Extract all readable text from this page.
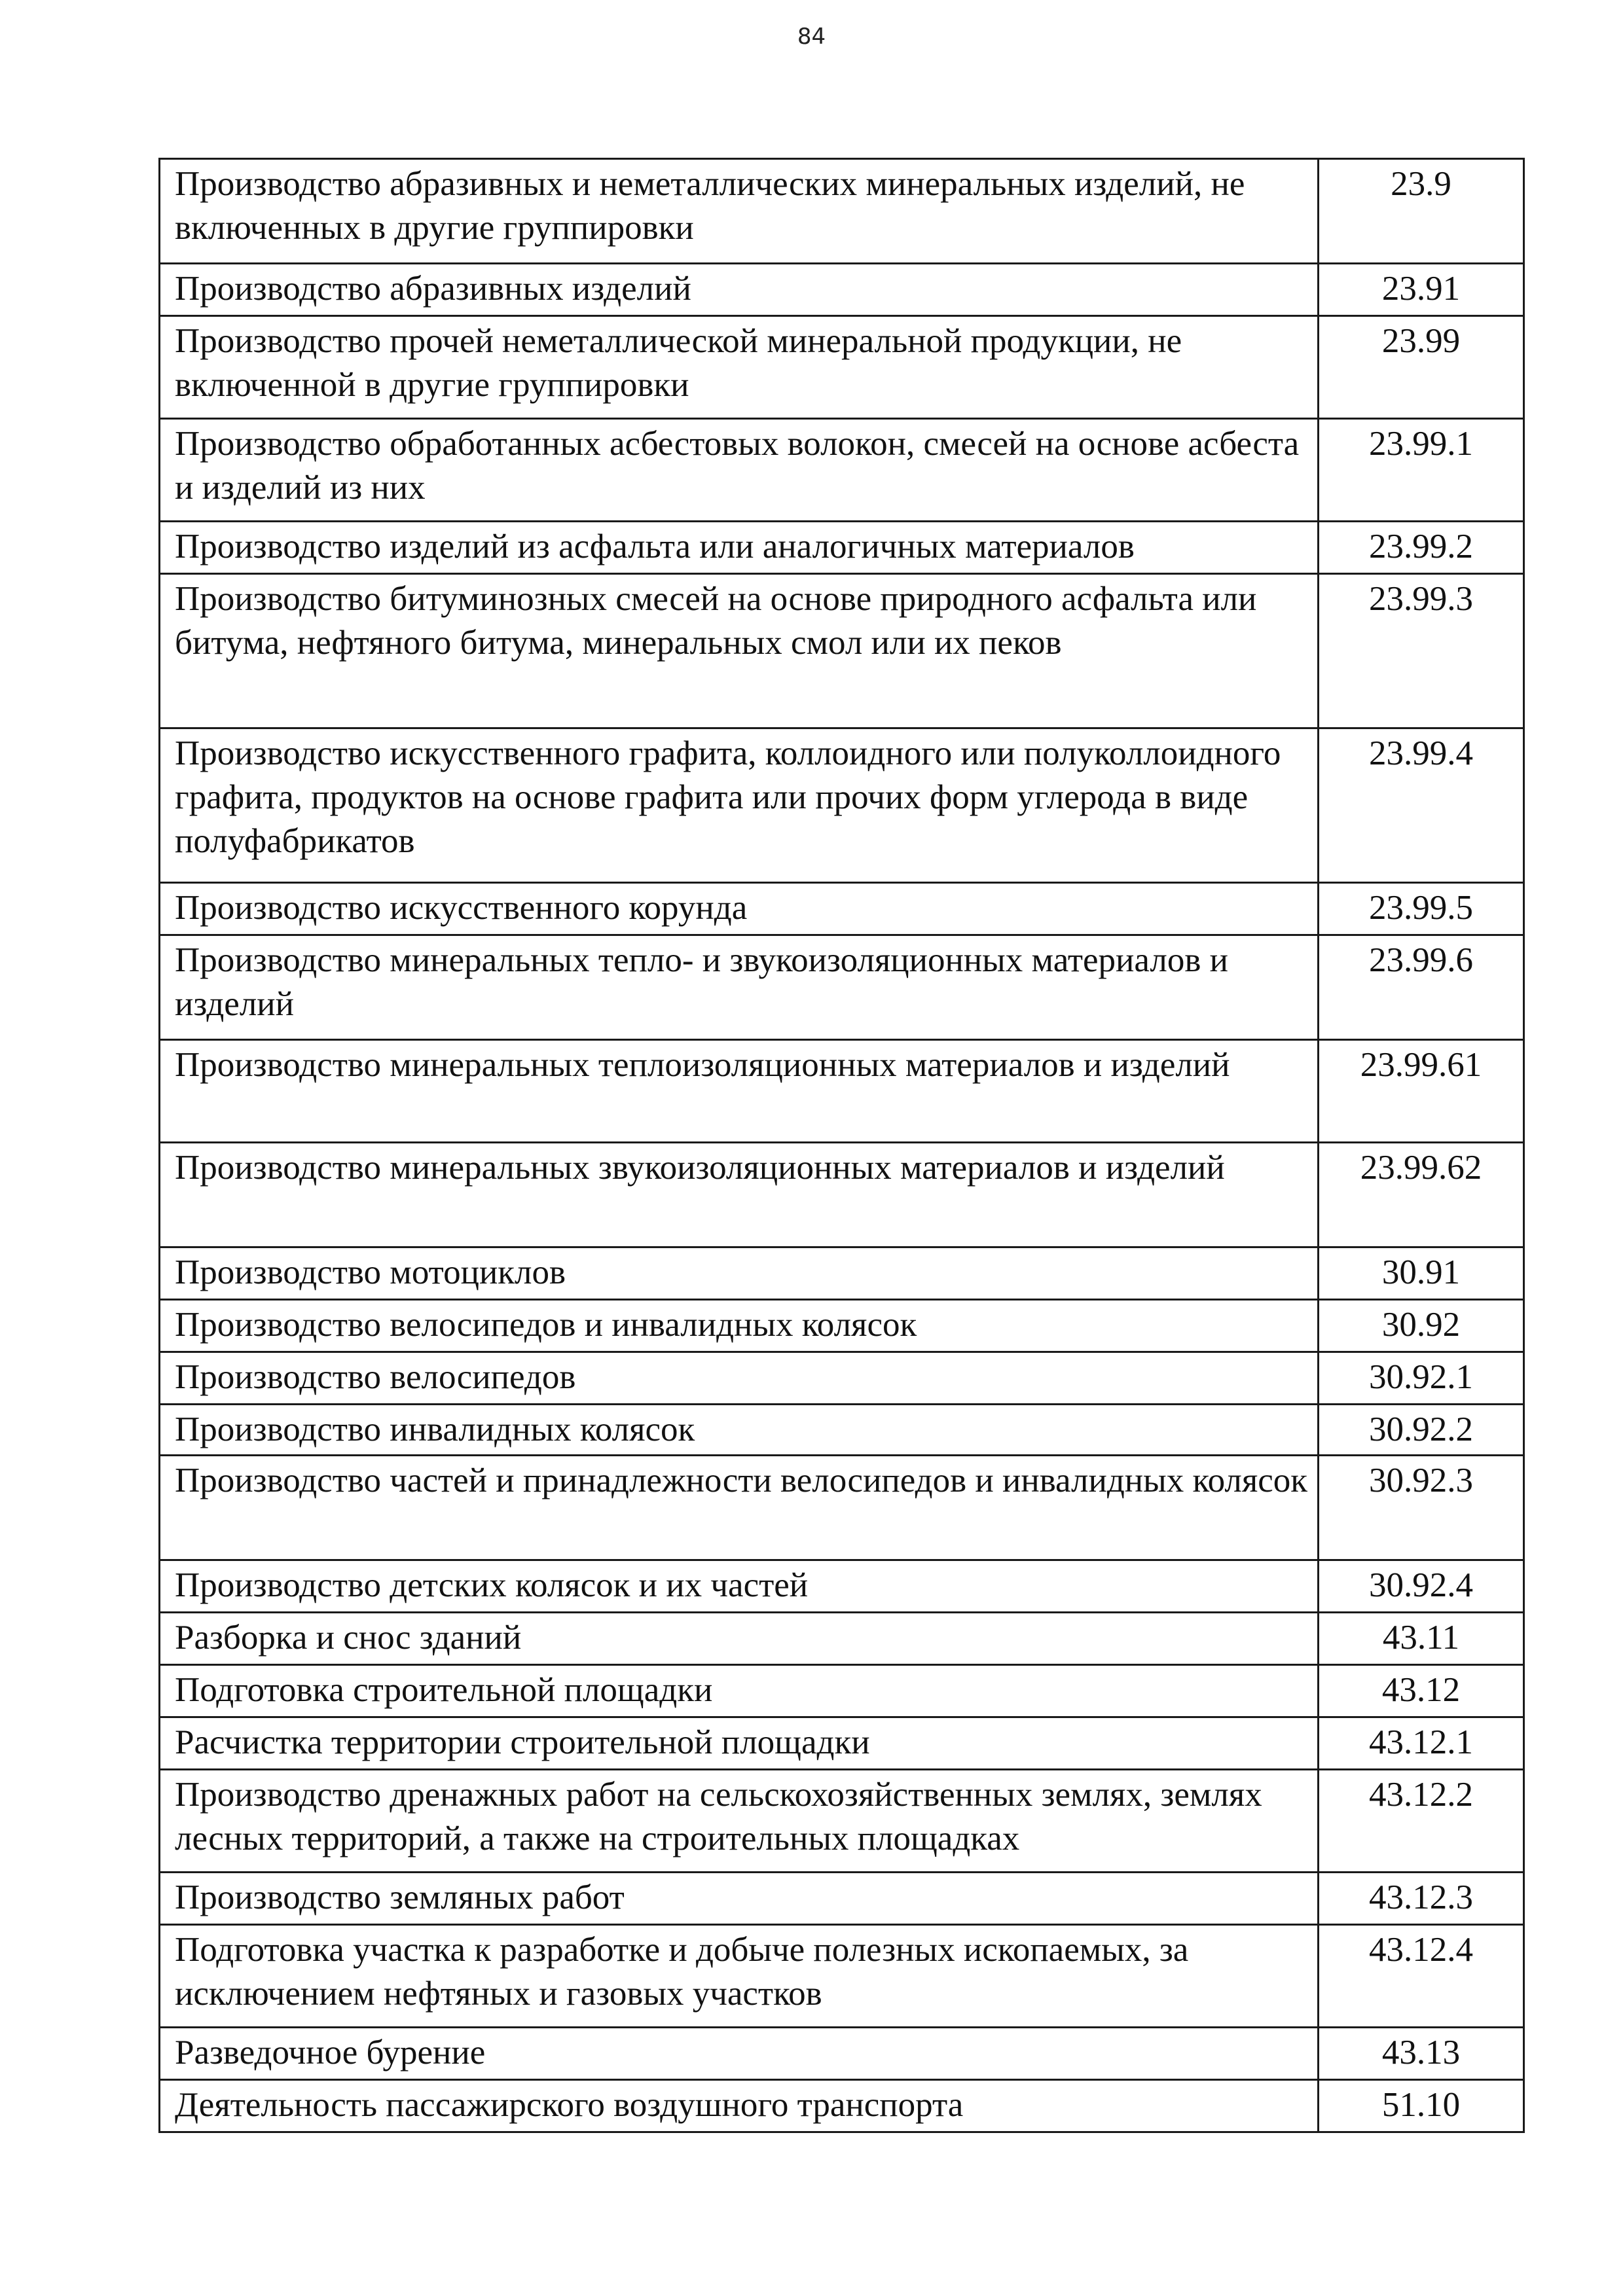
84
Производство абразивных и неметаллических минеральных изделий, не включенных в другие группировки	23.9
Производство абразивных изделий	23.91
Производство прочей неметаллической минеральной продукции, не включенной в другие группировки	23.99
Производство обработанных асбестовых волокон, смесей на основе асбеста и изделий из них	23.99.1
Производство изделий из асфальта или аналогичных материалов	23.99.2
Производство битуминозных смесей на основе природного асфальта или битума, нефтяного битума, минеральных смол или их пеков	23.99.3
Производство искусственного графита, коллоидного или полуколлоидного графита, продуктов на основе графита или прочих форм углерода в виде полуфабрикатов	23.99.4
Производство искусственного корунда	23.99.5
Производство минеральных тепло- и звукоизоляционных материалов и изделий	23.99.6
Производство минеральных теплоизоляционных материалов и изделий	23.99.61
Производство минеральных звукоизоляционных материалов и изделий	23.99.62
Производство мотоциклов	30.91
Производство велосипедов и инвалидных колясок	30.92
Производство велосипедов	30.92.1
Производство инвалидных колясок	30.92.2
Производство частей и принадлежности велосипедов и инвалидных колясок	30.92.3
Производство детских колясок и их частей	30.92.4
Разборка и снос зданий	43.11
Подготовка строительной площадки	43.12
Расчистка территории строительной площадки	43.12.1
Производство дренажных работ на сельскохозяйственных землях, землях лесных территорий, а также на строительных площадках	43.12.2
Производство земляных работ	43.12.3
Подготовка участка к разработке и добыче полезных ископаемых, за исключением нефтяных и газовых участков	43.12.4
Разведочное бурение	43.13
Деятельность пассажирского воздушного транспорта	51.10
